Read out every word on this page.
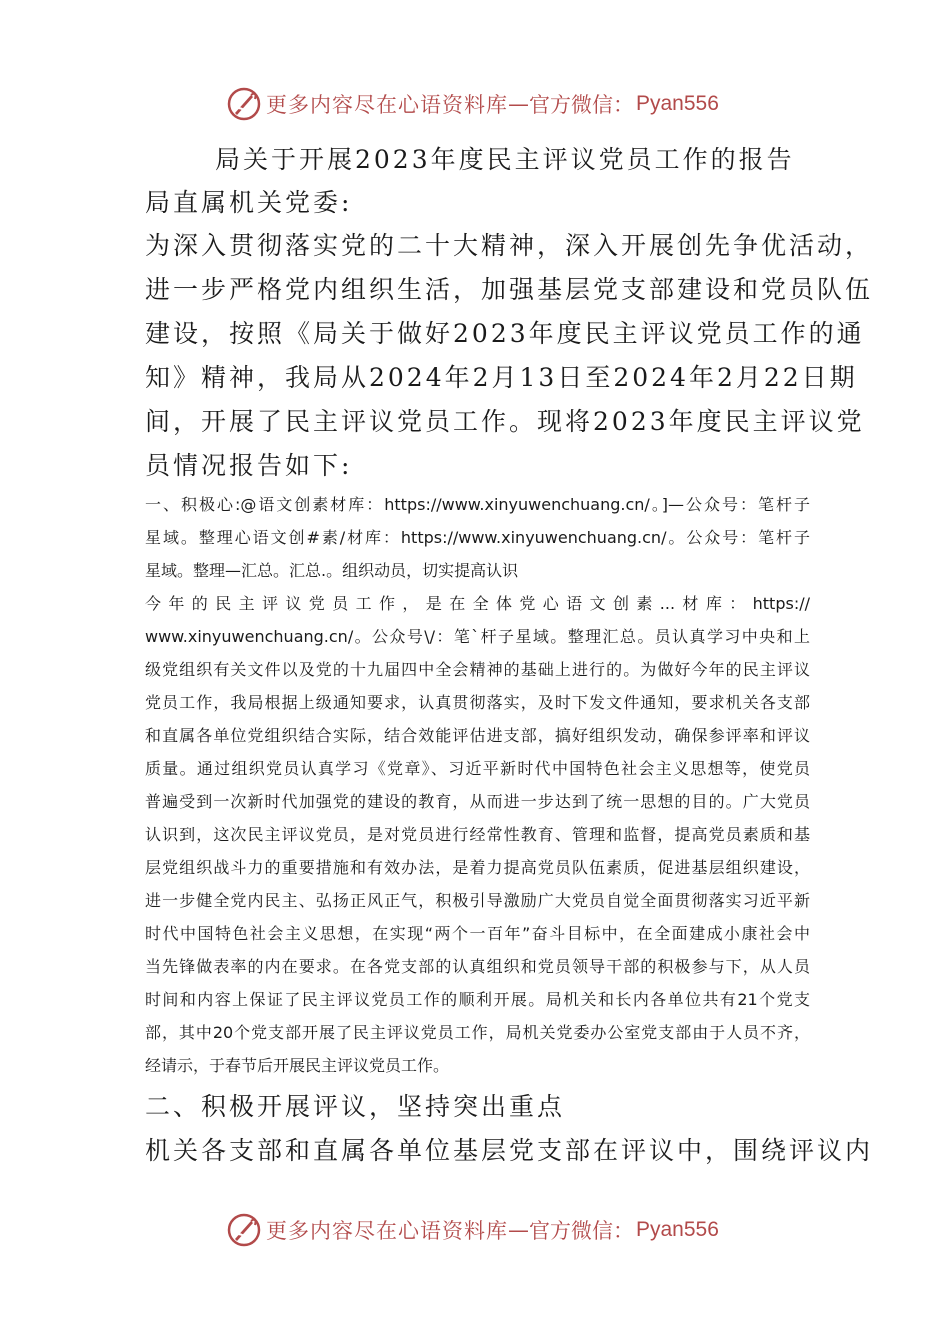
更多内容尽在心语资料库 — 官方微信： Pyan556
局关于开展2023年度民主评议党员工作的报告
局直属机关党委:
为深入贯彻落实党的二十大精神，深入开展创先争优活动，
进一步严格党内组织生活，加强基层党支部建设和党员队伍
建设，按照《局关于做好2023年度民主评议党员工作的通
知》精神，我局从2024年2月13日至2024年2月22日期
间，开展了民主评议党员工作。现将2023年度民主评议党
员情况报告如下:
一、积极心:@语文创素材库：https://www.xinyuwenchuang.cn/。]—公众号：笔杆子
星域。整理心语文创#素/材库：https://www.xinyuwenchuang.cn/。公众号：笔杆子
星域。整理—汇总。汇总.。组织动员，切实提高认识
今年的民主评议党员工作，是在全体党心语文创素...材库：https://
www.xinyuwenchuang.cn/。公众号\/：笔`杆子星域。整理汇总。员认真学习中央和上
级党组织有关文件以及党的十九届四中全会精神的基础上进行的。为做好今年的民主评议
党员工作，我局根据上级通知要求，认真贯彻落实，及时下发文件通知，要求机关各支部
和直属各单位党组织结合实际，结合效能评估进支部，搞好组织发动，确保参评率和评议
质量。通过组织党员认真学习《党章》、习近平新时代中国特色社会主义思想等，使党员
普遍受到一次新时代加强党的建设的教育，从而进一步达到了统一思想的目的。广大党员
认识到，这次民主评议党员，是对党员进行经常性教育、管理和监督，提高党员素质和基
层党组织战斗力的重要措施和有效办法，是着力提高党员队伍素质，促进基层组织建设，
进一步健全党内民主、弘扬正风正气，积极引导激励广大党员自觉全面贯彻落实习近平新
时代中国特色社会主义思想，在实现“两个一百年”奋斗目标中，在全面建成小康社会中
当先锋做表率的内在要求。在各党支部的认真组织和党员领导干部的积极参与下，从人员
时间和内容上保证了民主评议党员工作的顺利开展。局机关和长内各单位共有21个党支
部，其中20个党支部开展了民主评议党员工作，局机关党委办公室党支部由于人员不齐，
经请示，于春节后开展民主评议党员工作。
二、积极开展评议，坚持突出重点
机关各支部和直属各单位基层党支部在评议中，围绕评议内
更多内容尽在心语资料库 — 官方微信： Pyan556
